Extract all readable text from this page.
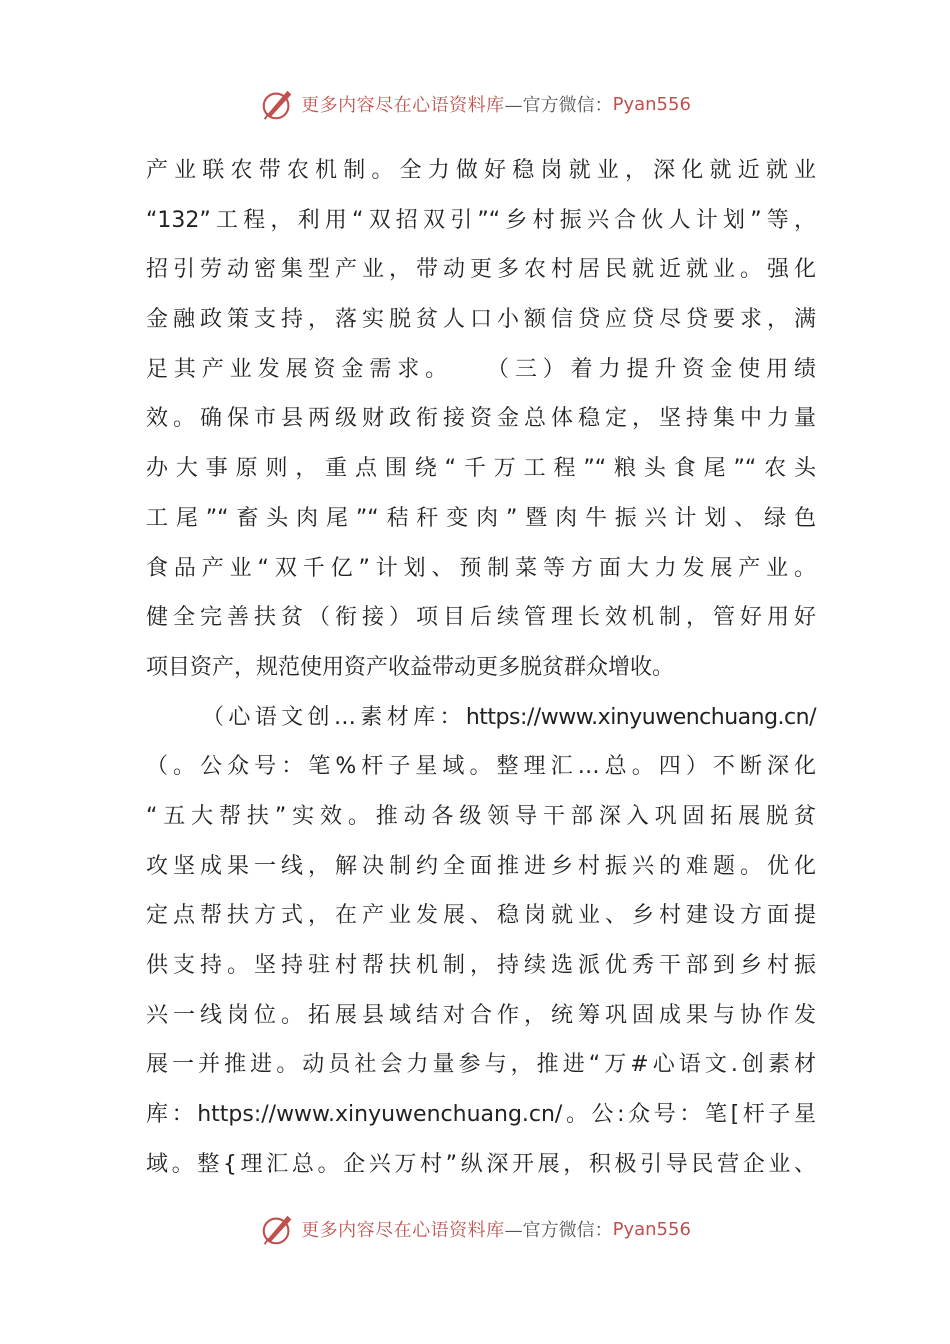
更多内容尽在心语资料库 —官方微信： Pyan556
产业联农带农机制。全力做好稳岗就业，深化就近就业
“132”工程，利用“双招双引”“乡村振兴合伙人计划”等，
招引劳动密集型产业，带动更多农村居民就近就业。强化
金融政策支持，落实脱贫人口小额信贷应贷尽贷要求，满
足其产业发展资金需求。　　（三）着力提升资金使用绩
效。确保市县两级财政衔接资金总体稳定，坚持集中力量
办大事原则，重点围绕“千万工程”“粮头食尾”“农头
工尾”“畜头肉尾”“秸秆变肉”暨肉牛振兴计划、绿色
食品产业“双千亿”计划、预制菜等方面大力发展产业。
健全完善扶贫（衔接）项目后续管理长效机制，管好用好
项目资产，规范使用资产收益带动更多脱贫群众增收。
（心语文创…素材库：https://www.xinyuwenchuang.cn/
（。公众号：笔%杆子星域。整理汇…总。四）不断深化
“五大帮扶”实效。推动各级领导干部深入巩固拓展脱贫
攻坚成果一线，解决制约全面推进乡村振兴的难题。优化
定点帮扶方式，在产业发展、稳岗就业、乡村建设方面提
供支持。坚持驻村帮扶机制，持续选派优秀干部到乡村振
兴一线岗位。拓展县域结对合作，统筹巩固成果与协作发
展一并推进。动员社会力量参与，推进“万#心语文.创素材
库：https://www.xinyuwenchuang.cn/。公:众号：笔[杆子星
域。整{理汇总。企兴万村”纵深开展，积极引导民营企业、
更多内容尽在心语资料库 —官方微信： Pyan556
